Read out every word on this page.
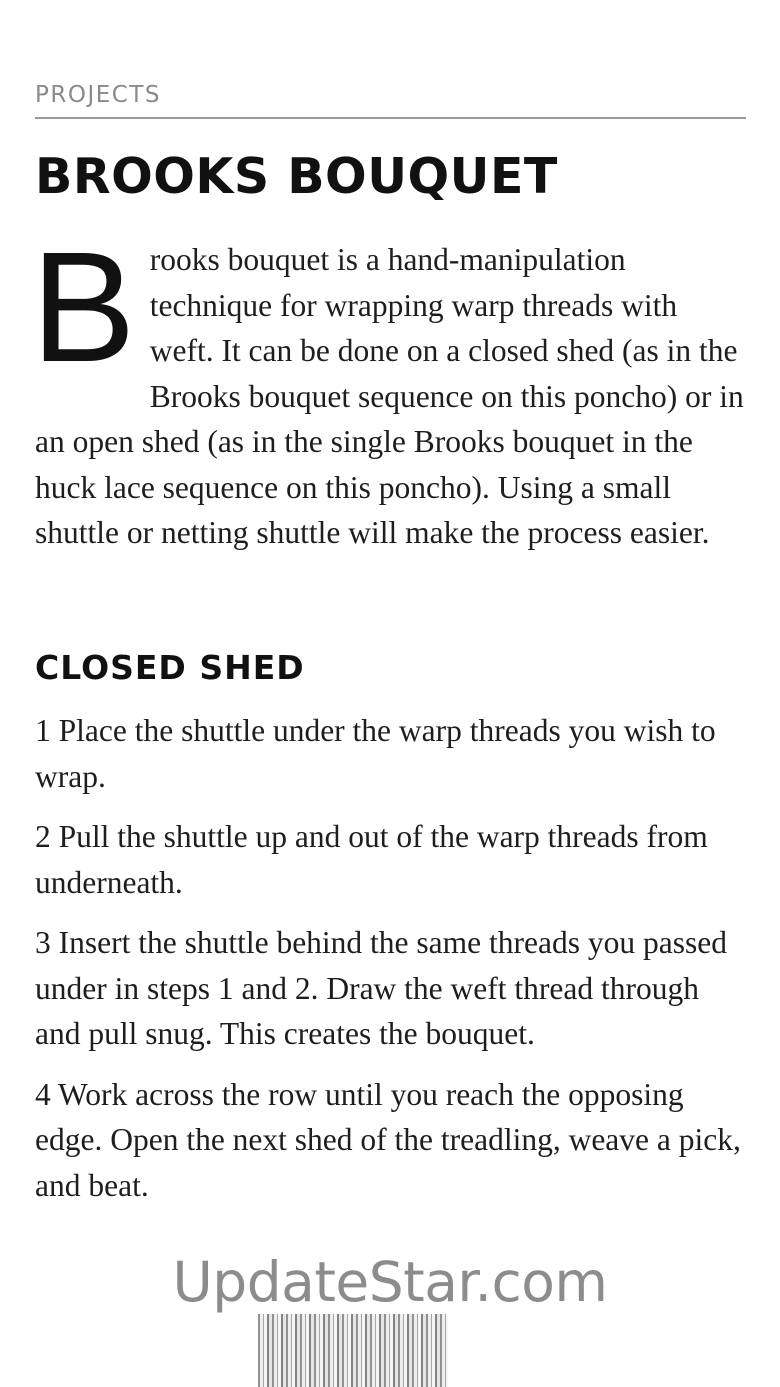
PROJECTS
BROOKS BOUQUET

Brooks bouquet is a hand-manipulation technique for wrapping warp threads with weft. It can be done on a closed shed (as in the Brooks bouquet sequence on this poncho) or in an open shed (as in the single Brooks bouquet in the huck lace sequence on this poncho). Using a small shuttle or netting shuttle will make the process easier.

CLOSED SHED
1 Place the shuttle under the warp threads you wish to wrap.
2 Pull the shuttle up and out of the warp threads from underneath.
3 Insert the shuttle behind the same threads you passed under in steps 1 and 2. Draw the weft thread through and pull snug. This creates the bouquet.
4 Work across the row until you reach the opposing edge. Open the next shed of the treadling, weave a pick, and beat.
UpdateStar.com
